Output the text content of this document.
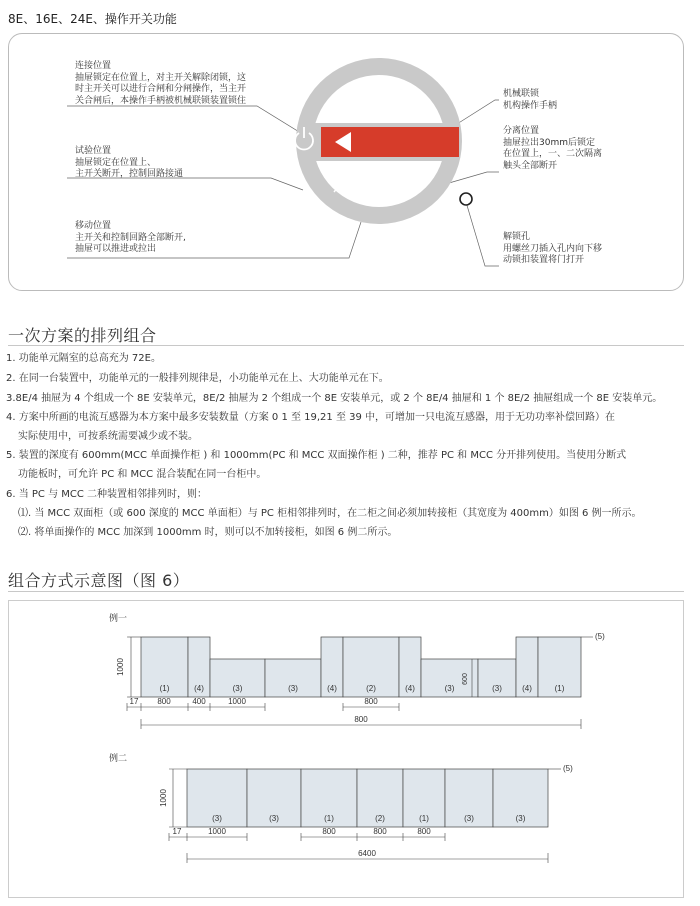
8E、16E、24E、操作开关功能
连接位置
抽屉锁定在位置上，对主开关解除闭锁，这
时主开关可以进行合闸和分闸操作，当主开
关合闸后，本操作手柄被机械联锁装置锁住
试验位置
抽屉锁定在位置上、
主开关断开，控制回路接通
移动位置
主开关和控制回路全部断开,
抽屉可以推进或拉出
机械联锁
机构操作手柄
分离位置
抽屉拉出30mm后锁定
在位置上，一、二次隔离
触头全部断开
解锁孔
用螺丝刀插入孔内向下移
动锁扣装置将门打开
一次方案的排列组合
1. 功能单元隔室的总高充为 72E。
2. 在同一台装置中，功能单元的一般排列规律是，小功能单元在上、大功能单元在下。
3.8E/4 抽屉为 4 个组成一个 8E 安装单元，8E/2 抽屉为 2 个组成一个 8E 安装单元，或 2 个 8E/4 抽屉和 1 个 8E/2 抽屉组成一个 8E 安装单元。
4. 方案中所画的电流互感器为本方案中最多安装数量（方案 0 1 至 19,21 至 39 中，可增加一只电流互感器，用于无功功率补偿回路）在
实际使用中，可按系统需要减少或不装。
5. 装置的深度有 600mm(MCC 单面操作柜 ) 和 1000mm(PC 和 MCC 双面操作柜 ) 二种，推荐 PC 和 MCC 分开排列使用。当使用分断式
功能板时，可允许 PC 和 MCC 混合装配在同一台柜中。
6. 当 PC 与 MCC 二种装置相邻排列时，则：
⑴. 当 MCC 双面柜（或 600 深度的 MCC 单面柜）与 PC 柜相邻排列时，在二柜之间必须加转接柜（其宽度为 400mm）如图 6 例一所示。
⑵. 将单面操作的 MCC 加深到 1000mm 时，则可以不加转接柜，如图 6 例二所示。
组合方式示意图（图 6）
例一
(1)	(4)	(3)	(3)	(4)	(2)	(4)	(3)	(3)	(4)	(1)
1000
600
(5)
17 800	400	1000	800
800
例二
(3)	(3)	(1)	(2)	(1)	(3)	(3)
1000
(5)
17	1000	800	800	800
6400
